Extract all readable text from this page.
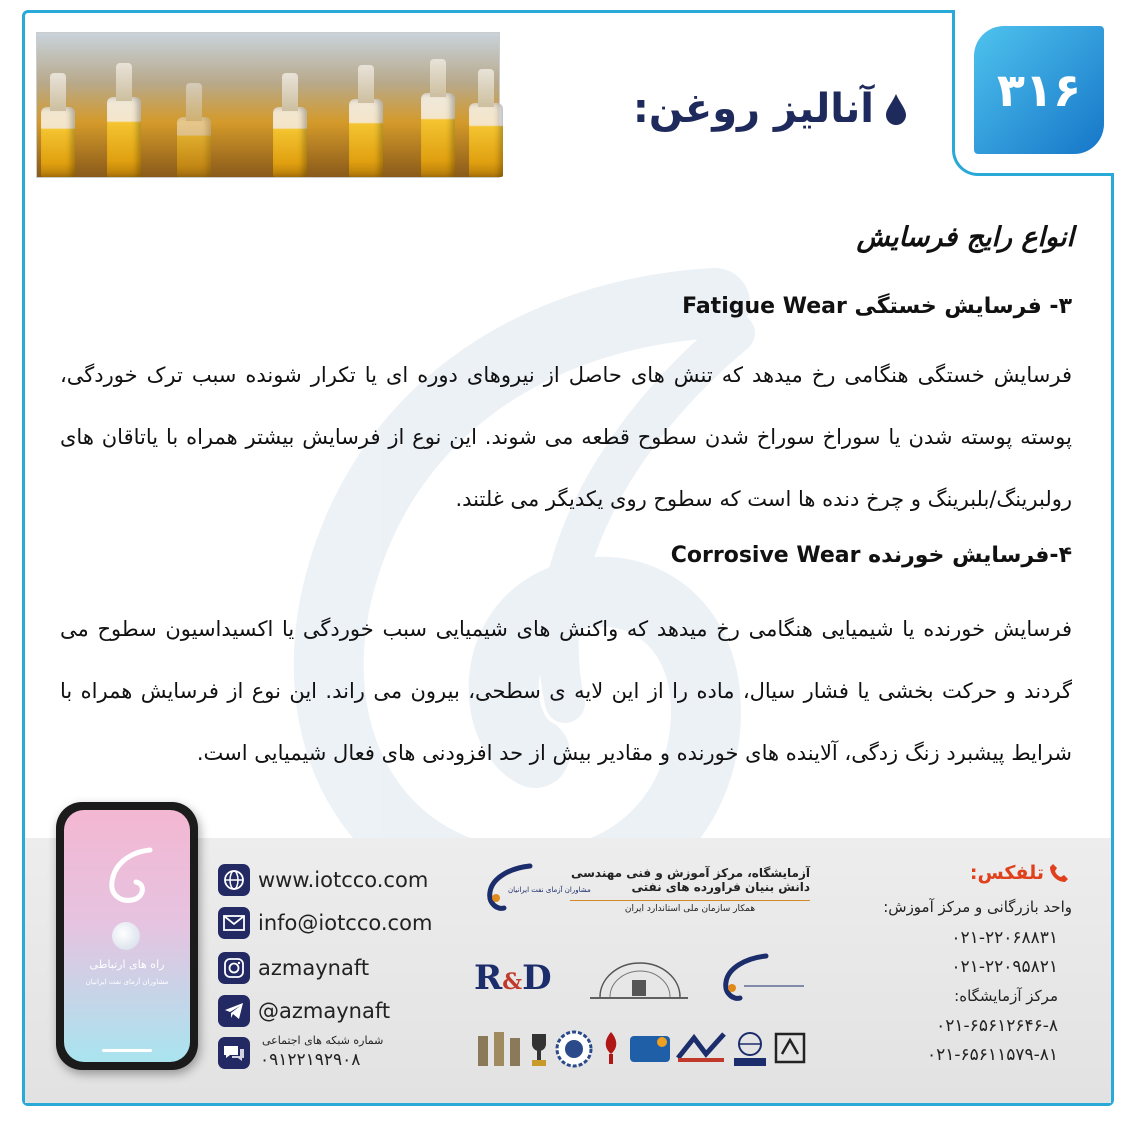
آنالیز روغن:	۳۱۶
انواع رایج فرسایش
۳- فرسایش خستگی Fatigue Wear
فرسایش خستگی هنگامی رخ میدهد که تنش های حاصل از نیروهای دوره ای یا تکرار شونده سبب ترک خوردگی، پوسته پوسته شدن یا سوراخ سوراخ شدن سطوح قطعه می شوند. این نوع از فرسایش بیشتر همراه با یاتاقان های رولبرینگ/بلبرینگ و چرخ دنده ها است که سطوح روی یکدیگر می غلتند.
۴-فرسایش خورنده Corrosive Wear
فرسایش خورنده یا شیمیایی هنگامی رخ میدهد که واکنش های شیمیایی سبب خوردگی یا اکسیداسیون سطوح می گردند و حرکت بخشی یا فشار سیال، ماده را از این لایه ی سطحی، بیرون می راند. این نوع از فرسایش همراه با شرایط پیشبرد زنگ زدگی، آلاینده های خورنده و مقادیر بیش از حد افزودنی های فعال شیمیایی است.
راه های ارتباطی
مشاوران آزمای نفت ایرانیان
www.iotcco.com
info@iotcco.com
azmaynaft
@azmaynaft
شماره شبکه های اجتماعی
۰۹۱۲۲۱۹۲۹۰۸
مشاوران آزمای نفت ایرانیان
آزمایشگاه، مرکز آموزش و فنی مهندسی
دانش بنیان فراورده های نفتی
همکار سازمان ملی استاندارد ایران
R&D
تلفکس:
واحد بازرگانی و مرکز آموزش:
۰۲۱-۲۲۰۶۸۸۳۱
۰۲۱-۲۲۰۹۵۸۲۱
مرکز آزمایشگاه:
۰۲۱-۶۵۶۱۲۶۴۶-۸
۰۲۱-۶۵۶۱۱۵۷۹-۸۱
